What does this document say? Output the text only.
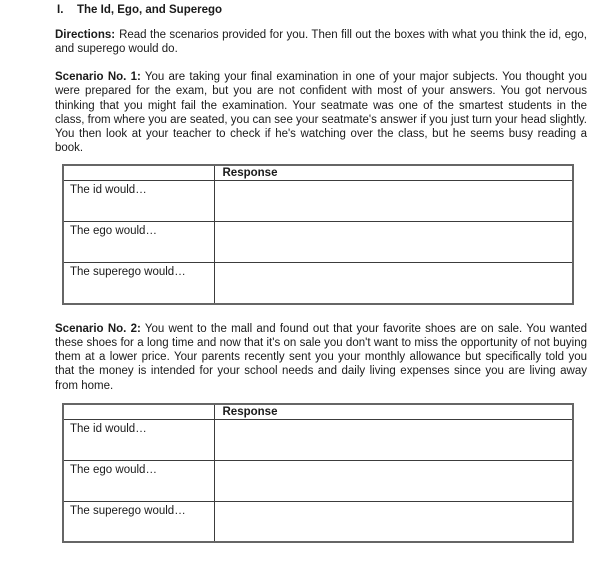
I. The Id, Ego, and Superego
Directions: Read the scenarios provided for you. Then fill out the boxes with what you think the id, ego, and superego would do.
Scenario No. 1: You are taking your final examination in one of your major subjects. You thought you were prepared for the exam, but you are not confident with most of your answers. You got nervous thinking that you might fail the examination. Your seatmate was one of the smartest students in the class, from where you are seated, you can see your seatmate's answer if you just turn your head slightly. You then look at your teacher to check if he's watching over the class, but he seems busy reading a book.
	Response
The id would…	
The ego would…	
The superego would…	
Scenario No. 2: You went to the mall and found out that your favorite shoes are on sale. You wanted these shoes for a long time and now that it's on sale you don't want to miss the opportunity of not buying them at a lower price. Your parents recently sent you your monthly allowance but specifically told you that the money is intended for your school needs and daily living expenses since you are living away from home.
	Response
The id would…	
The ego would…	
The superego would…	
